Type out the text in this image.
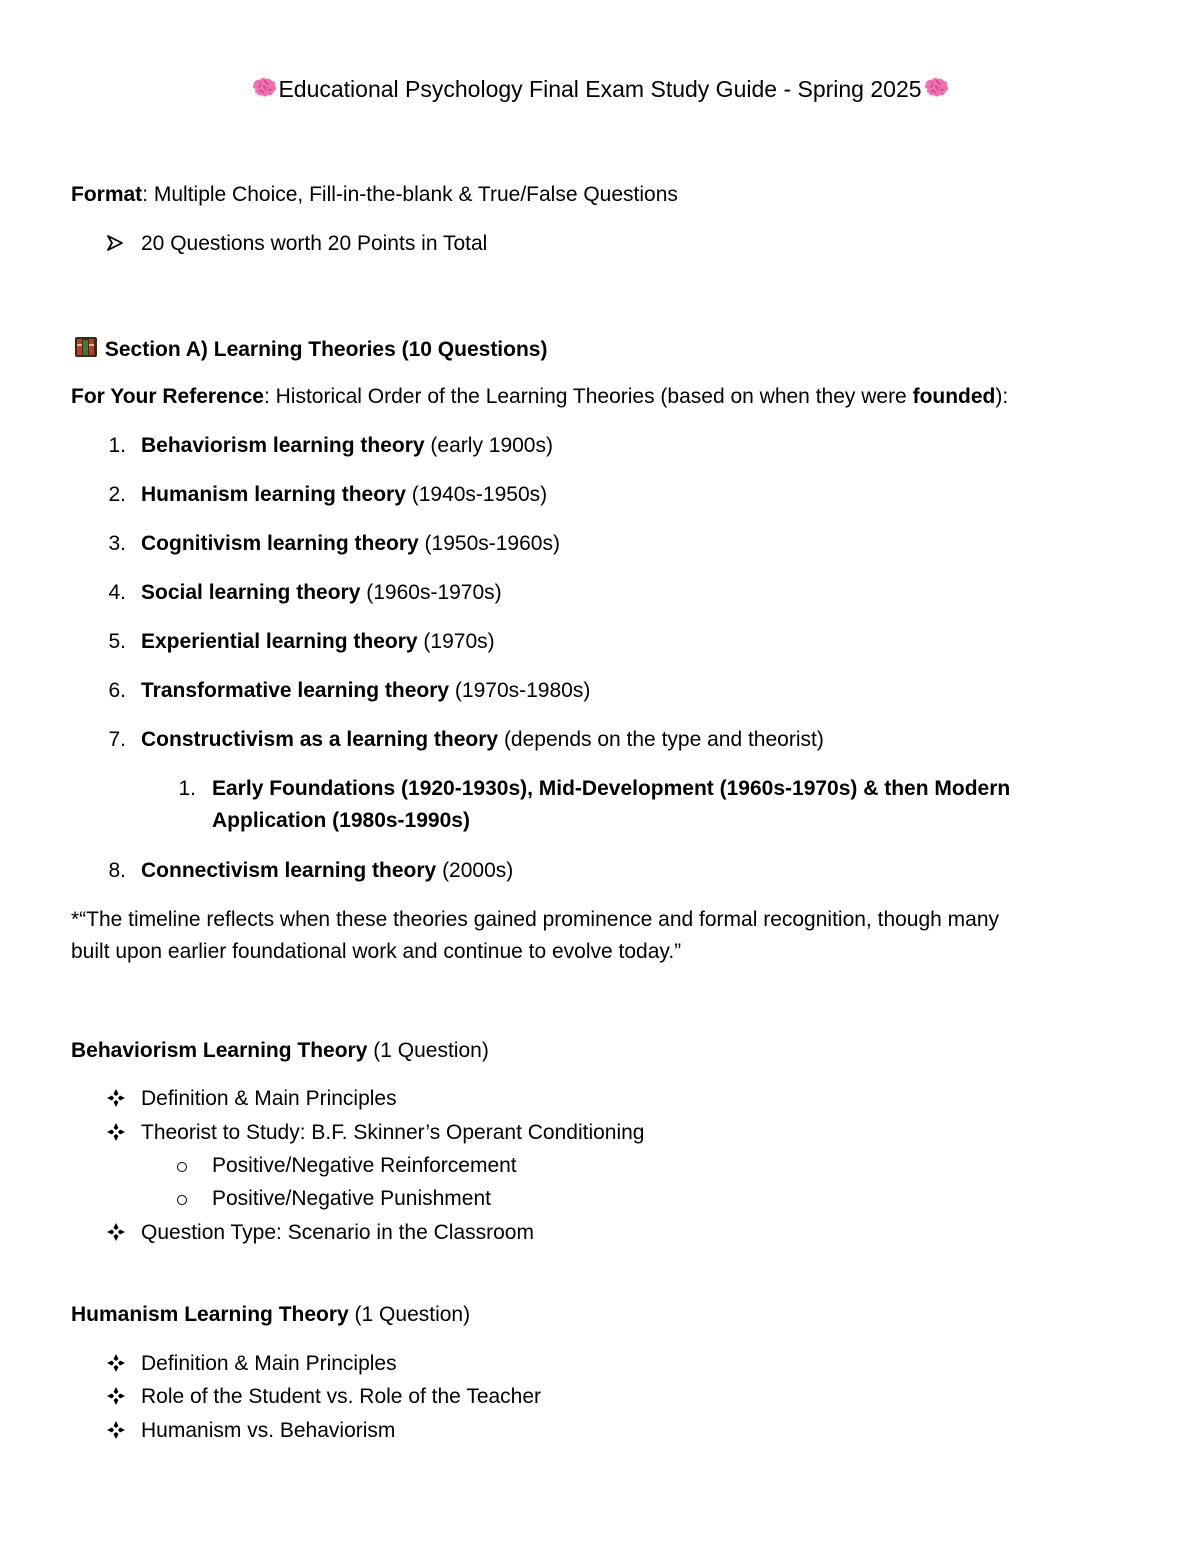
Educational Psychology Final Exam Study Guide - Spring 2025
Format: Multiple Choice, Fill-in-the-blank & True/False Questions
20 Questions worth 20 Points in Total
Section A) Learning Theories (10 Questions)
For Your Reference: Historical Order of the Learning Theories (based on when they were founded):
1. Behaviorism learning theory (early 1900s)
2. Humanism learning theory (1940s-1950s)
3. Cognitivism learning theory (1950s-1960s)
4. Social learning theory (1960s-1970s)
5. Experiential learning theory (1970s)
6. Transformative learning theory (1970s-1980s)
7. Constructivism as a learning theory (depends on the type and theorist)
1. Early Foundations (1920-1930s), Mid-Development (1960s-1970s) & then Modern
Application (1980s-1990s)
8. Connectivism learning theory (2000s)
*“The timeline reflects when these theories gained prominence and formal recognition, though many
built upon earlier foundational work and continue to evolve today.”
Behaviorism Learning Theory (1 Question)
Definition & Main Principles
Theorist to Study: B.F. Skinner’s Operant Conditioning
Positive/Negative Reinforcement
Positive/Negative Punishment
Question Type: Scenario in the Classroom
Humanism Learning Theory (1 Question)
Definition & Main Principles
Role of the Student vs. Role of the Teacher
Humanism vs. Behaviorism
